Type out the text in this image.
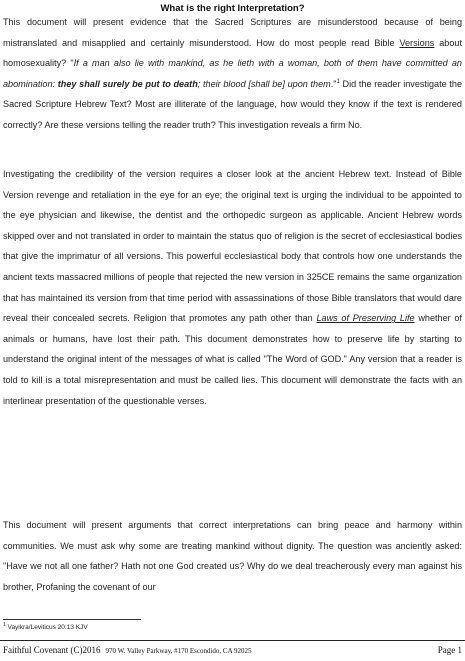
What is the right Interpretation?

This document will present evidence that the Sacred Scriptures are misunderstood because of being mistranslated and misapplied and certainly misunderstood. How do most people read Bible Versions about homosexuality? "If a man also lie with mankind, as he lieth with a woman, both of them have committed an abomination: they shall surely be put to death; their blood [shall be] upon them."$^1$ Did the reader investigate the Sacred Scripture Hebrew Text? Most are illiterate of the language, how would they know if the text is rendered correctly? Are these versions telling the reader truth? This investigation reveals a firm No.

Investigating the credibility of the version requires a closer look at the ancient Hebrew text. Instead of Bible Version revenge and retaliation in the eye for an eye; the original text is urging the individual to be appointed to the eye physician and likewise, the dentist and the orthopedic surgeon as applicable. Ancient Hebrew words skipped over and not translated in order to maintain the status quo of religion is the secret of ecclesiastical bodies that give the imprimatur of all versions. This powerful ecclesiastical body that controls how one understands the ancient texts massacred millions of people that rejected the new version in 325CE remains the same organization that has maintained its version from that time period with assassinations of those Bible translators that would dare reveal their concealed secrets. Religion that promotes any path other than Laws of Preserving Life whether of animals or humans, have lost their path. This document demonstrates how to preserve life by starting to understand the original intent of the messages of what is called "The Word of GOD." Any version that a reader is told to kill is a total misrepresentation and must be called lies. This document will demonstrate the facts with an interlinear presentation of the questionable verses.

This document will present arguments that correct interpretations can bring peace and harmony within communities. We must ask why some are treating mankind without dignity. The question was anciently asked: "Have we not all one father? Hath not one God created us? Why do we deal treacherously every man against his brother, Profaning the covenant of our

$^1$ Vayikra/Leviticus 20:13 KJV
Faithful Covenant (C)2016 970 W. Valley Parkway, #170 Escondido, CA 92025	Page 1
